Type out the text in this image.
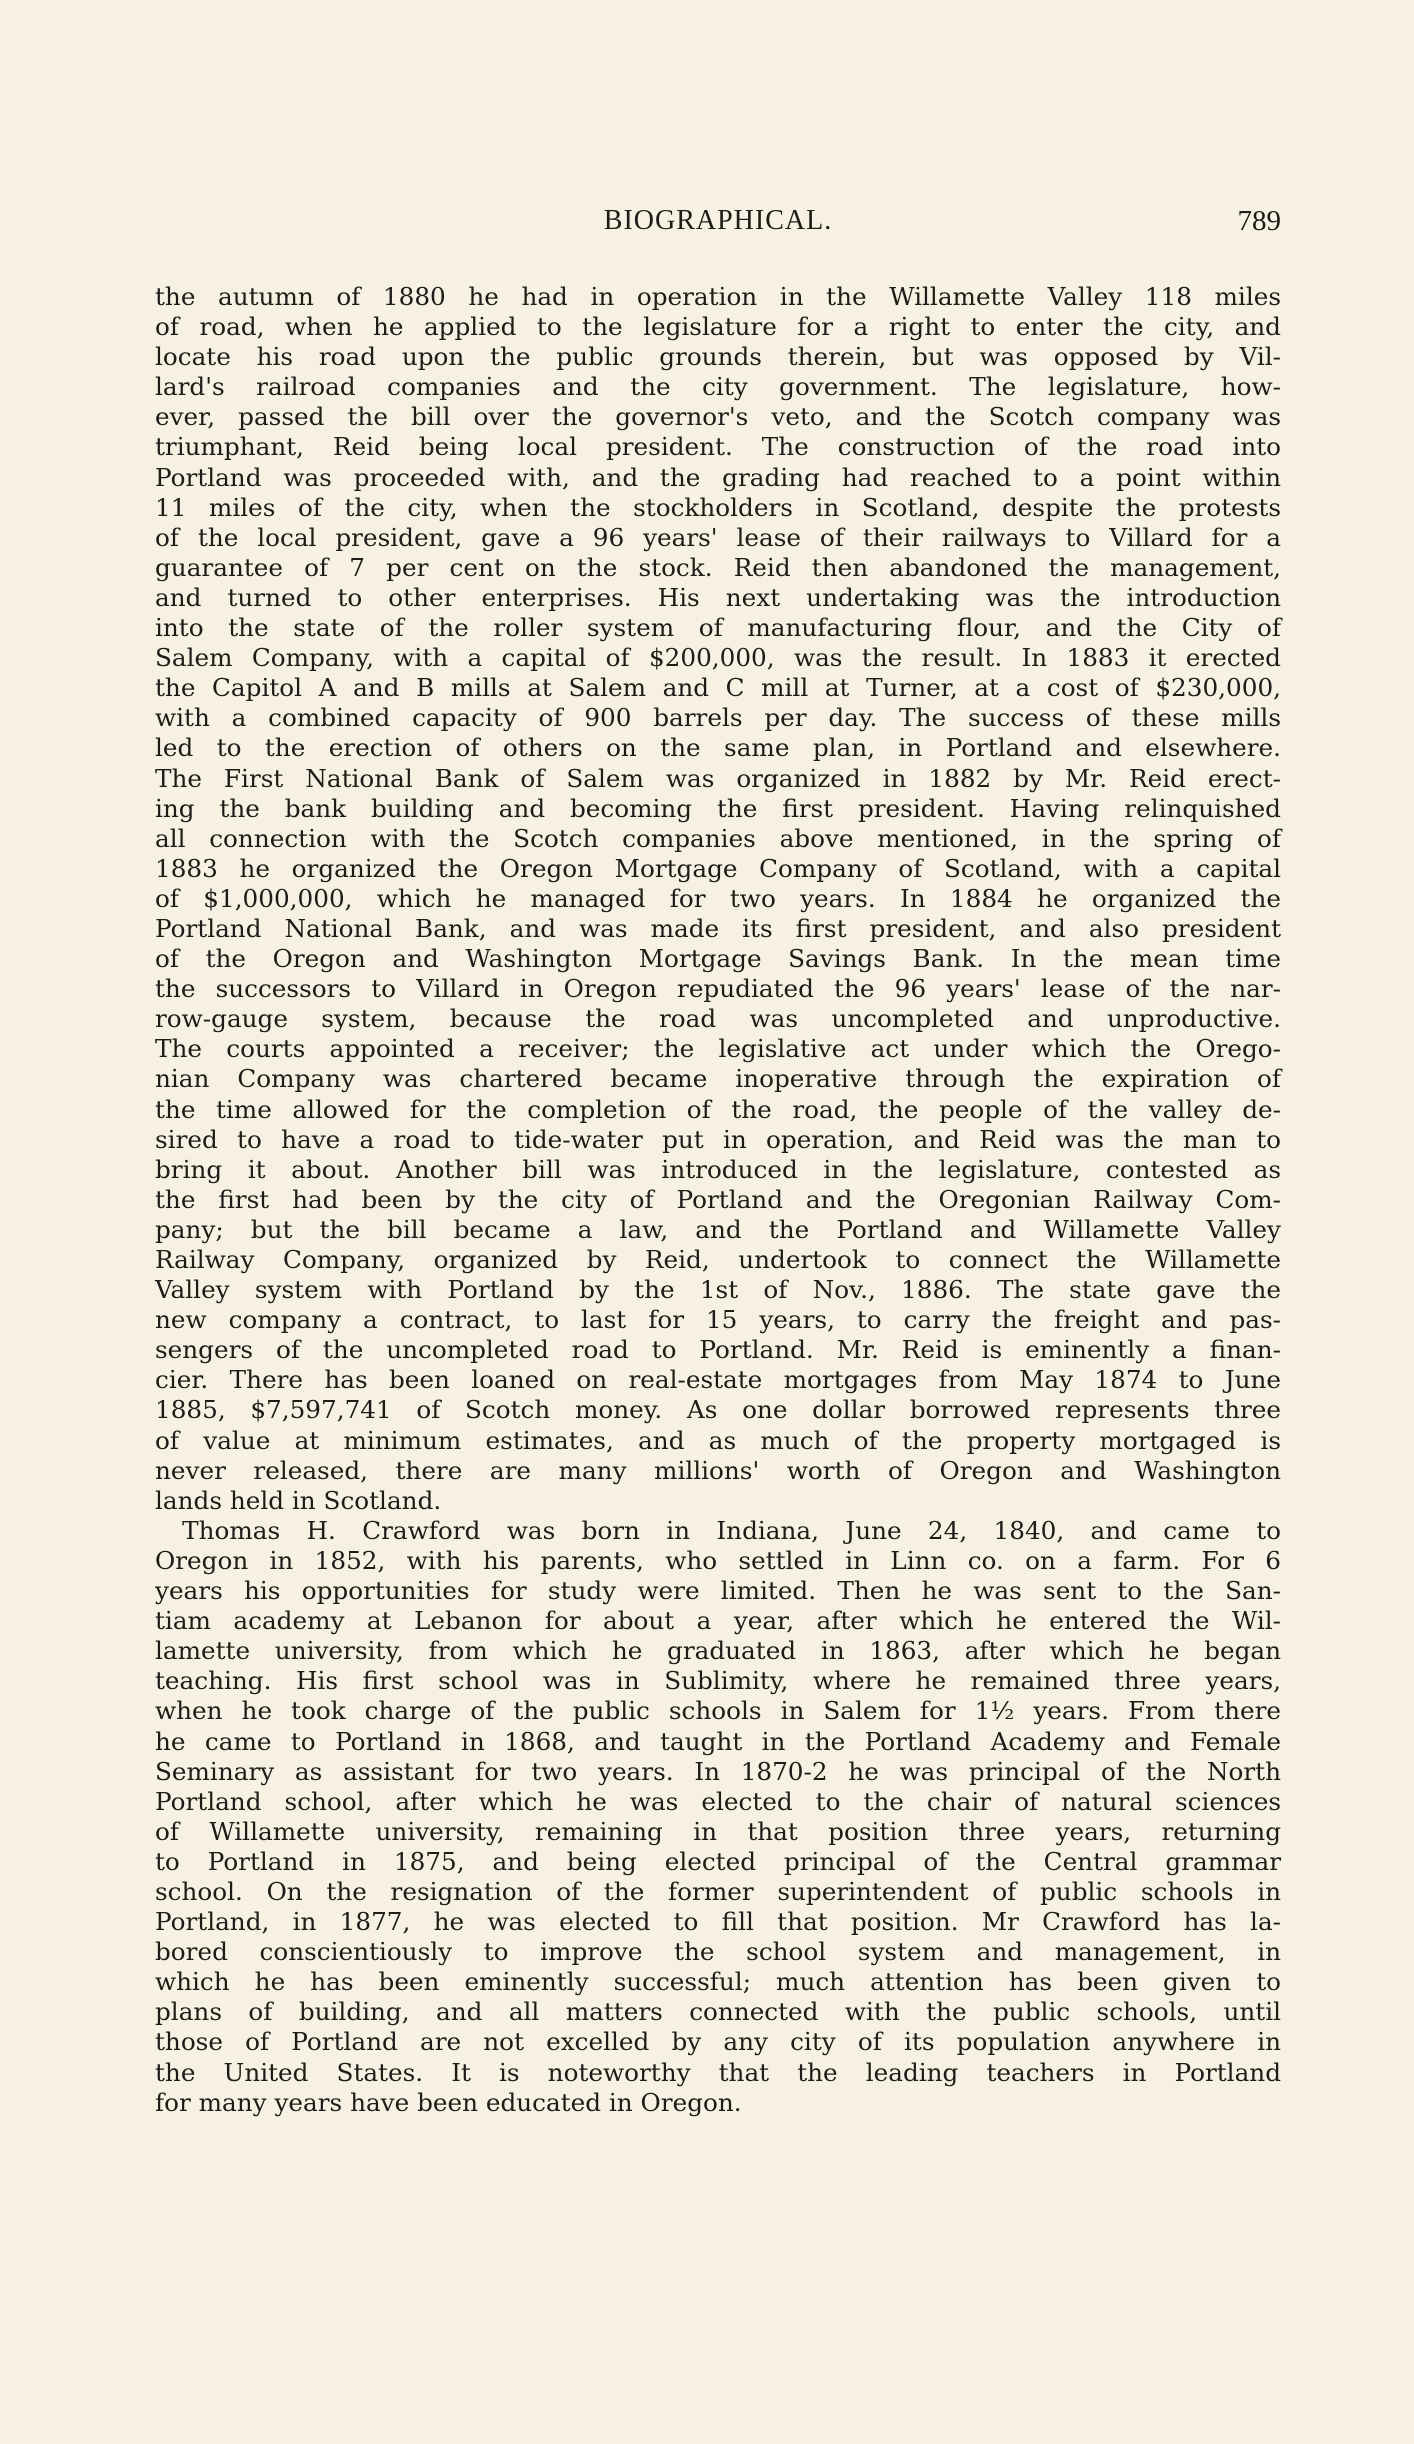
BIOGRAPHICAL.	789
the autumn of 1880 he had in operation in the Willamette Valley 118 miles
of road, when he applied to the legislature for a right to enter the city, and
locate his road upon the public grounds therein, but was opposed by Vil-
lard's railroad companies and the city government. The legislature, how-
ever, passed the bill over the governor's veto, and the Scotch company was
triumphant, Reid being local president. The construction of the road into
Portland was proceeded with, and the grading had reached to a point within
11 miles of the city, when the stockholders in Scotland, despite the protests
of the local president, gave a 96 years' lease of their railways to Villard for a
guarantee of 7 per cent on the stock. Reid then abandoned the management,
and turned to other enterprises. His next undertaking was the introduction
into the state of the roller system of manufacturing flour, and the City of
Salem Company, with a capital of $200,000, was the result. In 1883 it erected
the Capitol A and B mills at Salem and C mill at Turner, at a cost of $230,000,
with a combined capacity of 900 barrels per day. The success of these mills
led to the erection of others on the same plan, in Portland and elsewhere.
The First National Bank of Salem was organized in 1882 by Mr. Reid erect-
ing the bank building and becoming the first president. Having relinquished
all connection with the Scotch companies above mentioned, in the spring of
1883 he organized the Oregon Mortgage Company of Scotland, with a capital
of $1,000,000, which he managed for two years. In 1884 he organized the
Portland National Bank, and was made its first president, and also president
of the Oregon and Washington Mortgage Savings Bank. In the mean time
the successors to Villard in Oregon repudiated the 96 years' lease of the nar-
row-gauge system, because the road was uncompleted and unproductive.
The courts appointed a receiver; the legislative act under which the Orego-
nian Company was chartered became inoperative through the expiration of
the time allowed for the completion of the road, the people of the valley de-
sired to have a road to tide-water put in operation, and Reid was the man to
bring it about. Another bill was introduced in the legislature, contested as
the first had been by the city of Portland and the Oregonian Railway Com-
pany; but the bill became a law, and the Portland and Willamette Valley
Railway Company, organized by Reid, undertook to connect the Willamette
Valley system with Portland by the 1st of Nov., 1886. The state gave the
new company a contract, to last for 15 years, to carry the freight and pas-
sengers of the uncompleted road to Portland. Mr. Reid is eminently a finan-
cier. There has been loaned on real-estate mortgages from May 1874 to June
1885, $7,597,741 of Scotch money. As one dollar borrowed represents three
of value at minimum estimates, and as much of the property mortgaged is
never released, there are many millions' worth of Oregon and Washington
lands held in Scotland.
Thomas H. Crawford was born in Indiana, June 24, 1840, and came to
Oregon in 1852, with his parents, who settled in Linn co. on a farm. For 6
years his opportunities for study were limited. Then he was sent to the San-
tiam academy at Lebanon for about a year, after which he entered the Wil-
lamette university, from which he graduated in 1863, after which he began
teaching. His first school was in Sublimity, where he remained three years,
when he took charge of the public schools in Salem for 1½ years. From there
he came to Portland in 1868, and taught in the Portland Academy and Female
Seminary as assistant for two years. In 1870-2 he was principal of the North
Portland school, after which he was elected to the chair of natural sciences
of Willamette university, remaining in that position three years, returning
to Portland in 1875, and being elected principal of the Central grammar
school. On the resignation of the former superintendent of public schools in
Portland, in 1877, he was elected to fill that position. Mr Crawford has la-
bored conscientiously to improve the school system and management, in
which he has been eminently successful; much attention has been given to
plans of building, and all matters connected with the public schools, until
those of Portland are not excelled by any city of its population anywhere in
the United States. It is noteworthy that the leading teachers in Portland
for many years have been educated in Oregon.
